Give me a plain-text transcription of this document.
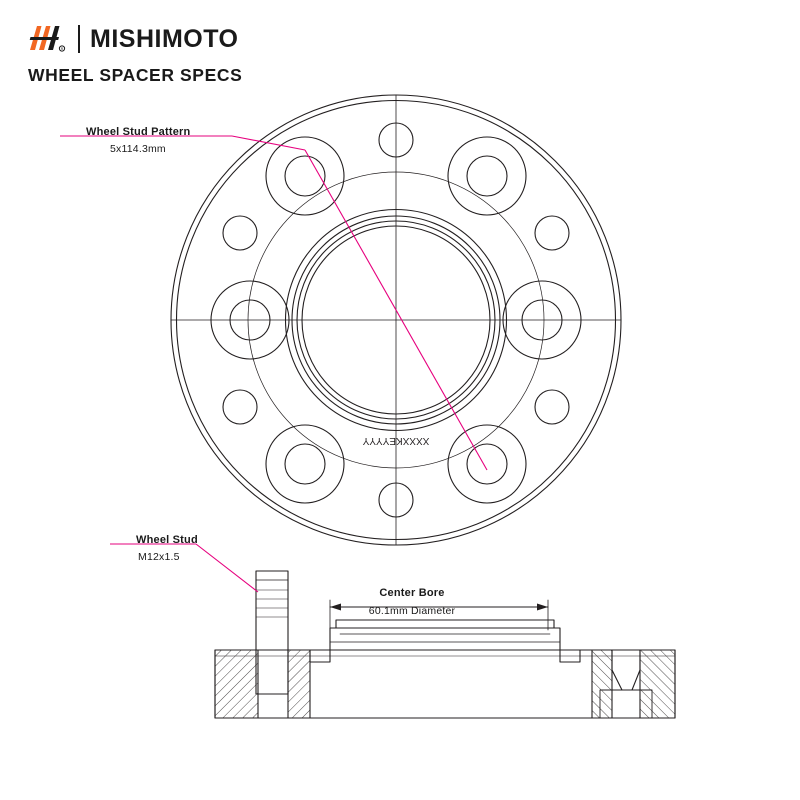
R MISHIMOTO
WHEEL SPACER SPECS
Wheel Stud Pattern
5x114.3mm
Wheel Stud
M12x1.5
Center Bore
60.1mm Diameter
XXXXKEYYYY
